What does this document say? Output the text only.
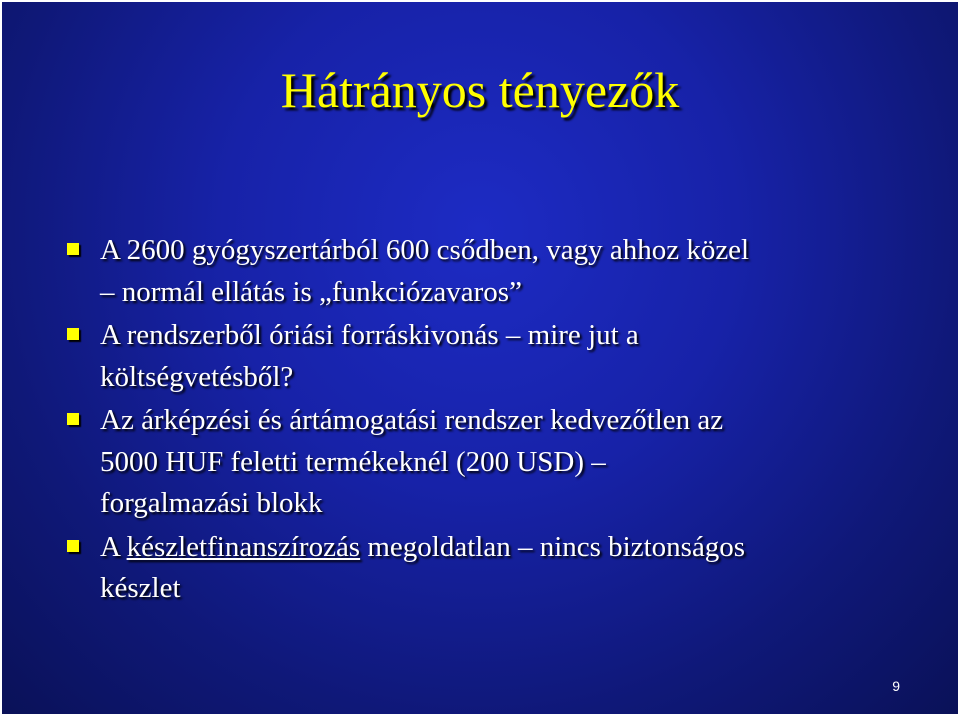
Hátrányos tényezők
A 2600 gyógyszertárból 600 csődben, vagy ahhoz közel
– normál ellátás is „funkciózavaros”
A rendszerből óriási forráskivonás – mire jut a
költségvetésből?
Az árképzési és ártámogatási rendszer kedvezőtlen az
5000 HUF feletti termékeknél (200 USD) –
forgalmazási blokk
A készletfinanszírozás megoldatlan – nincs biztonságos
készlet
9
